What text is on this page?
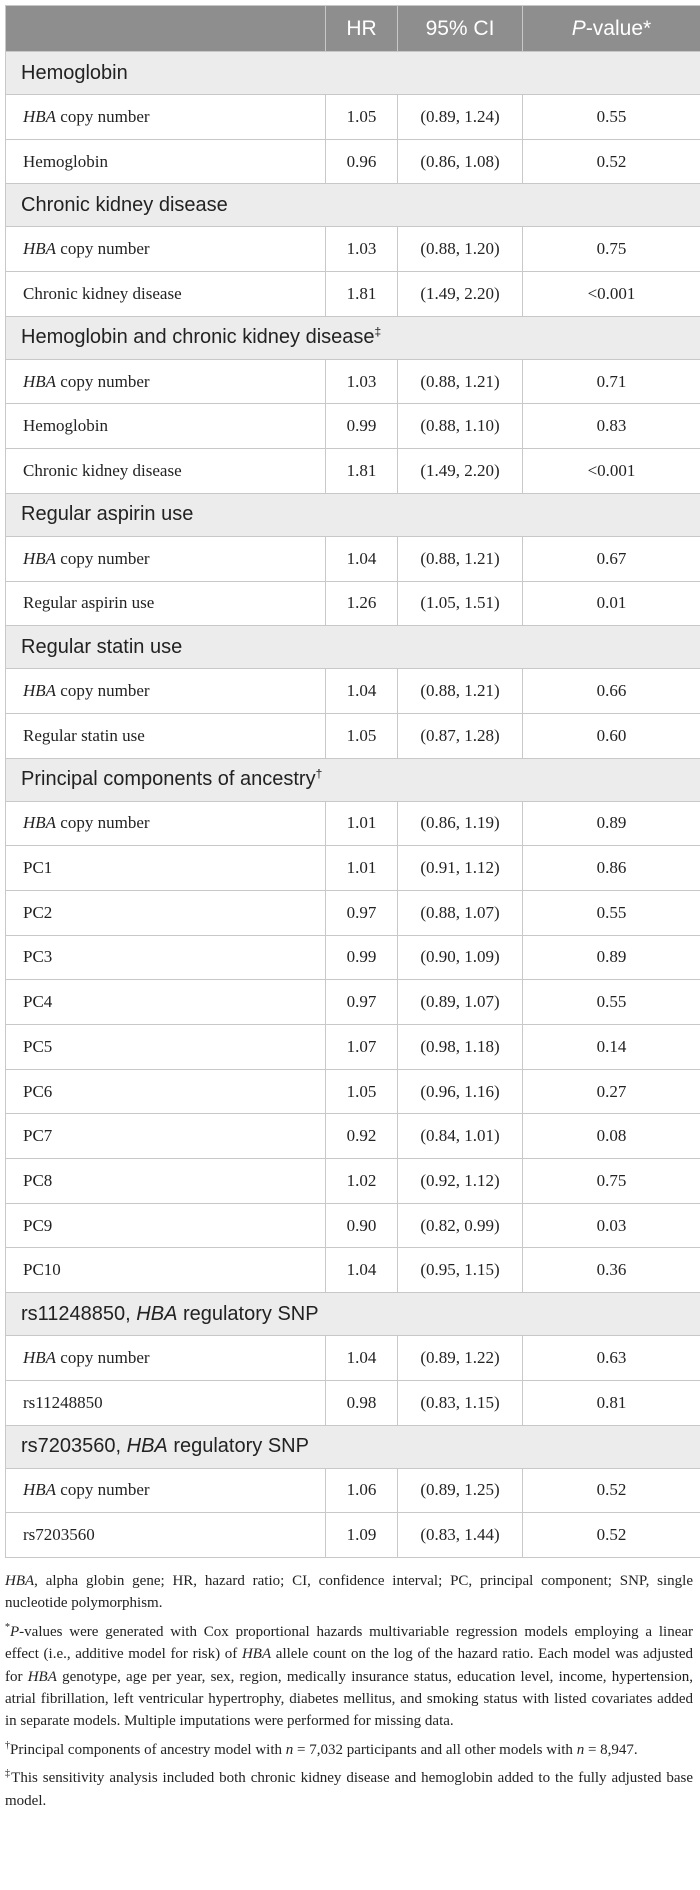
	HR	95% CI	P-value*
Hemoglobin			
HBA copy number	1.05	(0.89, 1.24)	0.55
Hemoglobin	0.96	(0.86, 1.08)	0.52
Chronic kidney disease			
HBA copy number	1.03	(0.88, 1.20)	0.75
Chronic kidney disease	1.81	(1.49, 2.20)	<0.001
Hemoglobin and chronic kidney disease‡
HBA copy number	1.03	(0.88, 1.21)	0.71
Hemoglobin	0.99	(0.88, 1.10)	0.83
Chronic kidney disease	1.81	(1.49, 2.20)	<0.001
Regular aspirin use			
HBA copy number	1.04	(0.88, 1.21)	0.67
Regular aspirin use	1.26	(1.05, 1.51)	0.01
Regular statin use			
HBA copy number	1.04	(0.88, 1.21)	0.66
Regular statin use	1.05	(0.87, 1.28)	0.60
Principal components of ancestry†
HBA copy number	1.01	(0.86, 1.19)	0.89
PC1	1.01	(0.91, 1.12)	0.86
PC2	0.97	(0.88, 1.07)	0.55
PC3	0.99	(0.90, 1.09)	0.89
PC4	0.97	(0.89, 1.07)	0.55
PC5	1.07	(0.98, 1.18)	0.14
PC6	1.05	(0.96, 1.16)	0.27
PC7	0.92	(0.84, 1.01)	0.08
PC8	1.02	(0.92, 1.12)	0.75
PC9	0.90	(0.82, 0.99)	0.03
PC10	1.04	(0.95, 1.15)	0.36
rs11248850, HBA regulatory SNP			
HBA copy number	1.04	(0.89, 1.22)	0.63
rs11248850	0.98	(0.83, 1.15)	0.81
rs7203560, HBA regulatory SNP			
HBA copy number	1.06	(0.89, 1.25)	0.52
rs7203560	1.09	(0.83, 1.44)	0.52

HBA, alpha globin gene; HR, hazard ratio; CI, confidence interval; PC, principal component; SNP, single nucleotide polymorphism.

*P-values were generated with Cox proportional hazards multivariable regression models employing a linear effect (i.e., additive model for risk) of HBA allele count on the log of the hazard ratio. Each model was adjusted for HBA genotype, age per year, sex, region, medically insurance status, education level, income, hypertension, atrial fibrillation, left ventricular hypertrophy, diabetes mellitus, and smoking status with listed covariates added in separate models. Multiple imputations were performed for missing data.

†Principal components of ancestry model with n = 7,032 participants and all other models with n = 8,947.

‡This sensitivity analysis included both chronic kidney disease and hemoglobin added to the fully adjusted base model.
